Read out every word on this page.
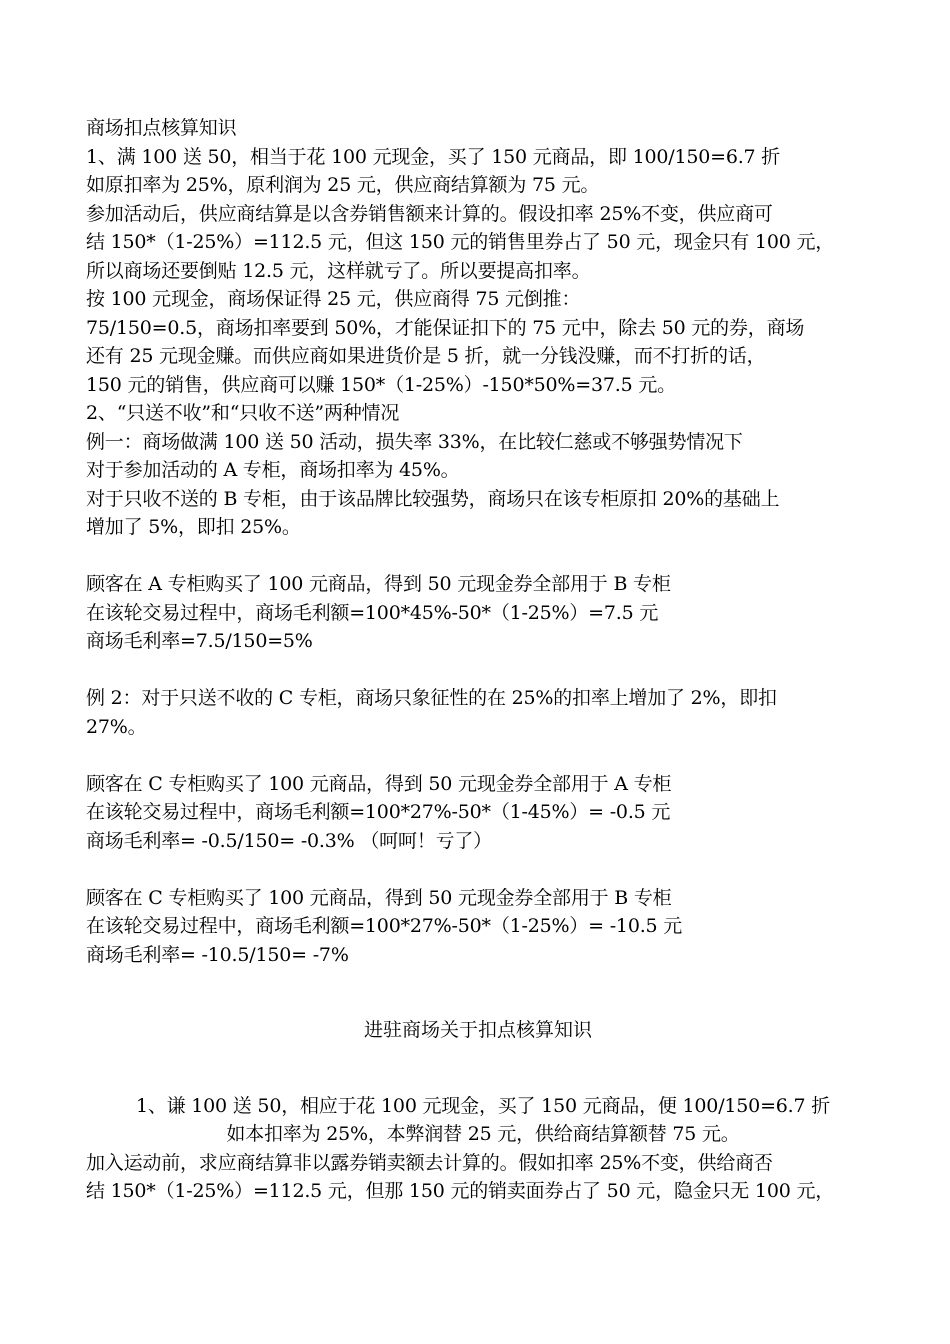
商场扣点核算知识
1、满 100 送 50，相当于花 100 元现金，买了 150 元商品，即 100/150=6.7 折
如原扣率为 25%，原利润为 25 元，供应商结算额为 75 元。
参加活动后，供应商结算是以含券销售额来计算的。假设扣率 25%不变，供应商可
结 150*（1-25%）=112.5 元，但这 150 元的销售里券占了 50 元，现金只有 100 元，
所以商场还要倒贴 12.5 元，这样就亏了。所以要提高扣率。
按 100 元现金，商场保证得 25 元，供应商得 75 元倒推：
75/150=0.5，商场扣率要到 50%，才能保证扣下的 75 元中，除去 50 元的券，商场
还有 25 元现金赚。而供应商如果进货价是 5 折，就一分钱没赚，而不打折的话，
150 元的销售，供应商可以赚 150*（1-25%）-150*50%=37.5 元。
2、“只送不收”和“只收不送”两种情况
例一：商场做满 100 送 50 活动，损失率 33%，在比较仁慈或不够强势情况下
对于参加活动的 A 专柜，商场扣率为 45%。
对于只收不送的 B 专柜，由于该品牌比较强势，商场只在该专柜原扣 20%的基础上
增加了 5%，即扣 25%。
顾客在 A 专柜购买了 100 元商品，得到 50 元现金券全部用于 B 专柜
在该轮交易过程中，商场毛利额=100*45%-50*（1-25%）=7.5 元
商场毛利率=7.5/150=5%
例 2：对于只送不收的 C 专柜，商场只象征性的在 25%的扣率上增加了 2%，即扣
27%。
顾客在 C 专柜购买了 100 元商品，得到 50 元现金券全部用于 A 专柜
在该轮交易过程中，商场毛利额=100*27%-50*（1-45%）= -0.5 元
商场毛利率= -0.5/150= -0.3% （呵呵！亏了）
顾客在 C 专柜购买了 100 元商品，得到 50 元现金券全部用于 B 专柜
在该轮交易过程中，商场毛利额=100*27%-50*（1-25%）= -10.5 元
商场毛利率= -10.5/150= -7%
进驻商场关于扣点核算知识
1、谦 100 送 50，相应于花 100 元现金，买了 150 元商品，便 100/150=6.7 折
如本扣率为 25%，本弊润替 25 元，供给商结算额替 75 元。
加入运动前，求应商结算非以露券销卖额去计算的。假如扣率 25%不变，供给商否
结 150*（1-25%）=112.5 元，但那 150 元的销卖面券占了 50 元，隐金只无 100 元，
